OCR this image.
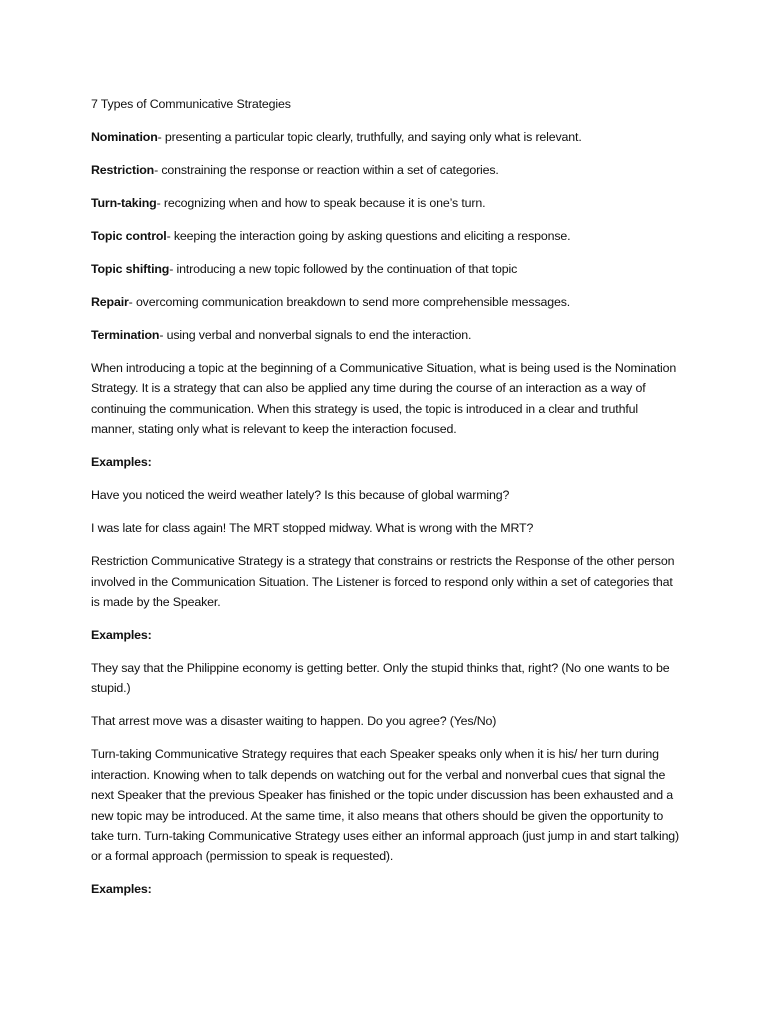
7 Types of Communicative Strategies

Nomination- presenting a particular topic clearly, truthfully, and saying only what is relevant.

Restriction- constraining the response or reaction within a set of categories.

Turn-taking- recognizing when and how to speak because it is one’s turn.

Topic control- keeping the interaction going by asking questions and eliciting a response.

Topic shifting- introducing a new topic followed by the continuation of that topic

Repair- overcoming communication breakdown to send more comprehensible messages.

Termination- using verbal and nonverbal signals to end the interaction.

When introducing a topic at the beginning of a Communicative Situation, what is being used is the Nomination Strategy. It is a strategy that can also be applied any time during the course of an interaction as a way of continuing the communication. When this strategy is used, the topic is introduced in a clear and truthful manner, stating only what is relevant to keep the interaction focused.

Examples:

Have you noticed the weird weather lately? Is this because of global warming?

I was late for class again! The MRT stopped midway. What is wrong with the MRT?

Restriction Communicative Strategy is a strategy that constrains or restricts the Response of the other person involved in the Communication Situation. The Listener is forced to respond only within a set of categories that is made by the Speaker.

Examples:

They say that the Philippine economy is getting better. Only the stupid thinks that, right? (No one wants to be stupid.)

That arrest move was a disaster waiting to happen. Do you agree? (Yes/No)

Turn-taking Communicative Strategy requires that each Speaker speaks only when it is his/ her turn during interaction. Knowing when to talk depends on watching out for the verbal and nonverbal cues that signal the next Speaker that the previous Speaker has finished or the topic under discussion has been exhausted and a new topic may be introduced. At the same time, it also means that others should be given the opportunity to take turn. Turn-taking Communicative Strategy uses either an informal approach (just jump in and start talking) or a formal approach (permission to speak is requested).

Examples:
